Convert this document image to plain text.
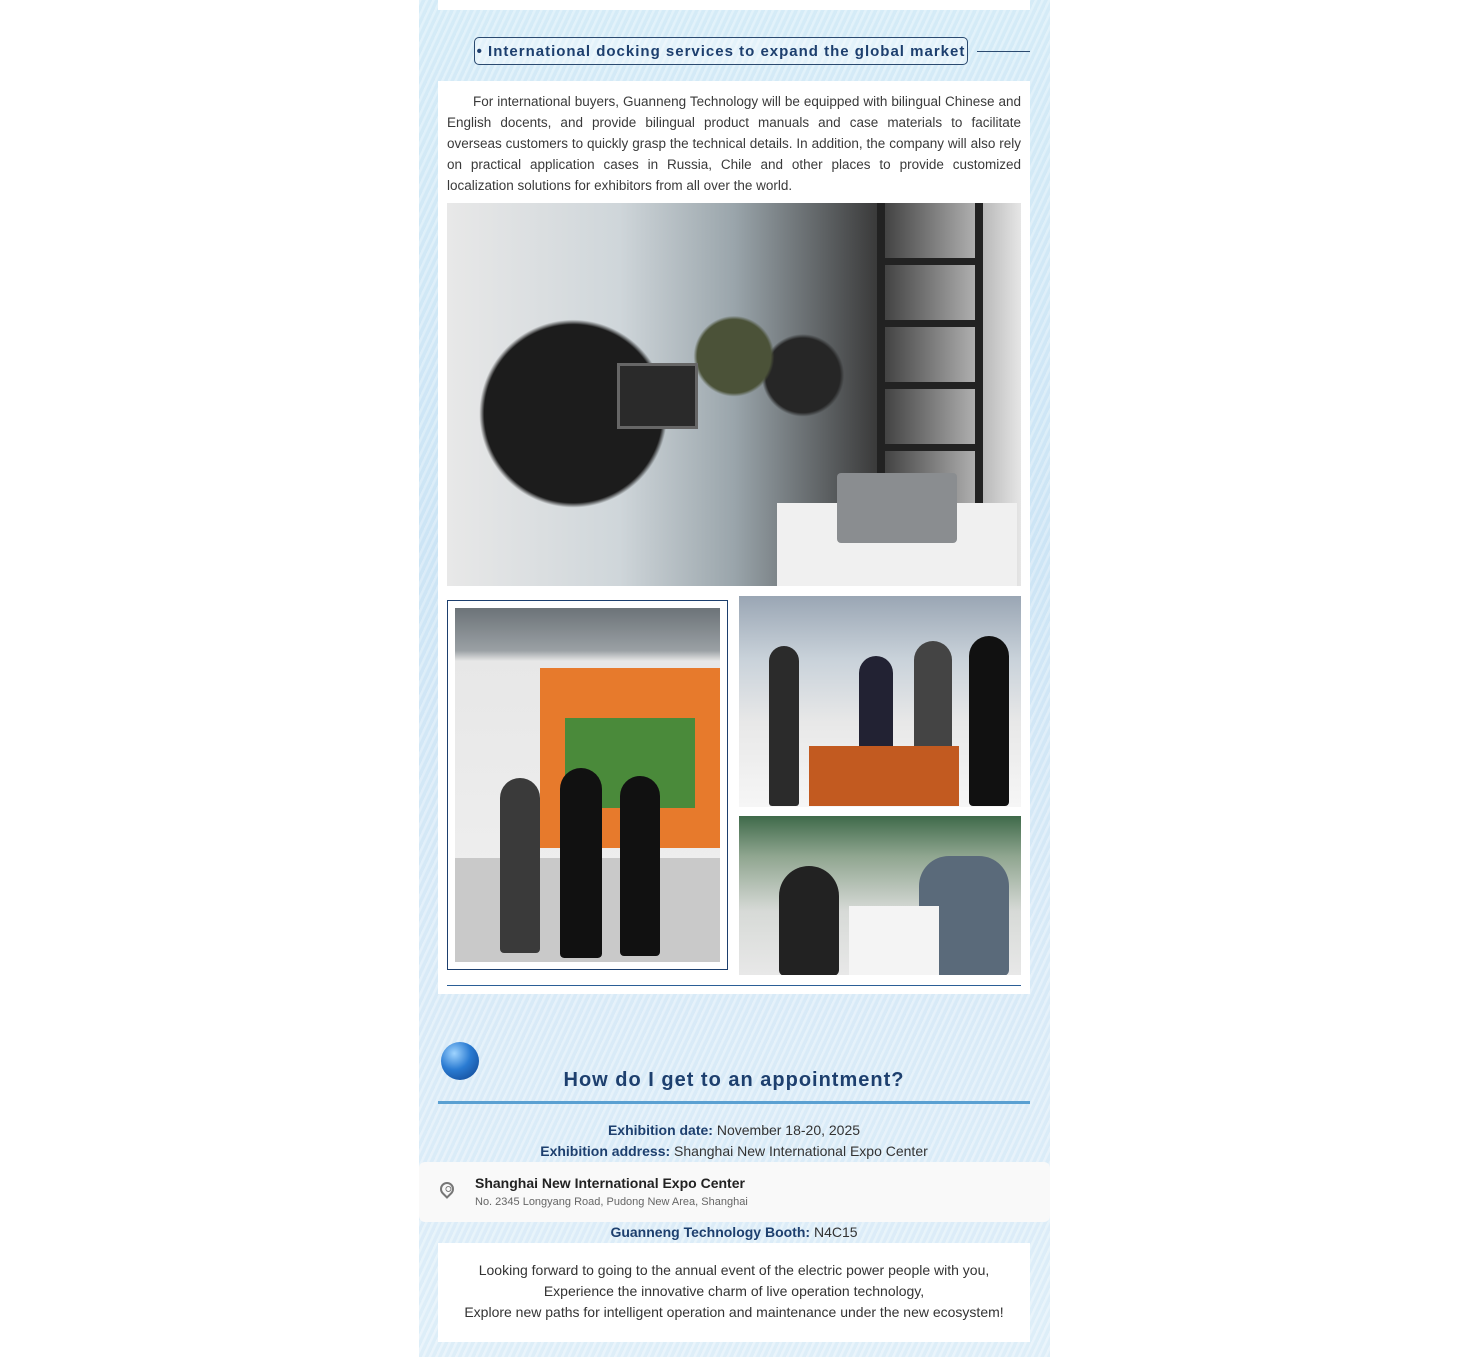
• International docking services to expand the global market

For international buyers, Guanneng Technology will be equipped with bilingual Chinese and English docents, and provide bilingual product manuals and case materials to facilitate overseas customers to quickly grasp the technical details. In addition, the company will also rely on practical application cases in Russia, Chile and other places to provide customized localization solutions for exhibitors from all over the world.

How do I get to an appointment?
Exhibition date: November 18-20, 2025
Exhibition address: Shanghai New International Expo Center
Shanghai New International Expo Center
No. 2345 Longyang Road, Pudong New Area, Shanghai
Guanneng Technology Booth: N4C15
Looking forward to going to the annual event of the electric power people with you,
Experience the innovative charm of live operation technology,
Explore new paths for intelligent operation and maintenance under the new ecosystem!
